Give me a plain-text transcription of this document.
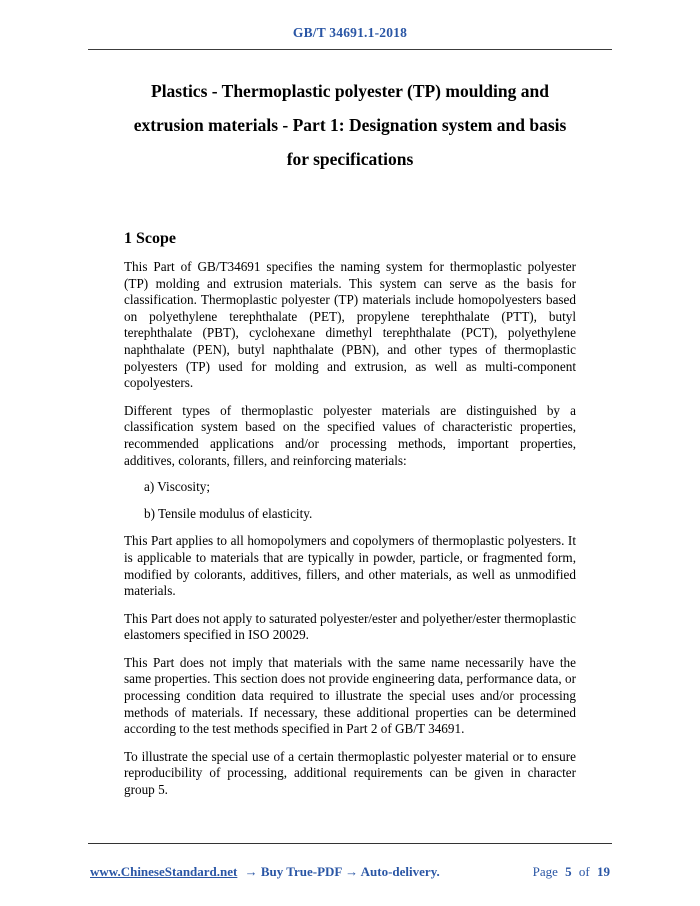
GB/T 34691.1-2018
Plastics - Thermoplastic polyester (TP) moulding and
extrusion materials - Part 1: Designation system and basis
for specifications
1 Scope

This Part of GB/T34691 specifies the naming system for thermoplastic polyester (TP) molding and extrusion materials. This system can serve as the basis for classification. Thermoplastic polyester (TP) materials include homopolyesters based on polyethylene terephthalate (PET), propylene terephthalate (PTT), butyl terephthalate (PBT), cyclohexane dimethyl terephthalate (PCT), polyethylene naphthalate (PEN), butyl naphthalate (PBN), and other types of thermoplastic polyesters (TP) used for molding and extrusion, as well as multi-component copolyesters.

Different types of thermoplastic polyester materials are distinguished by a classification system based on the specified values of characteristic properties, recommended applications and/or processing methods, important properties, additives, colorants, fillers, and reinforcing materials:

a) Viscosity;
b) Tensile modulus of elasticity.

This Part applies to all homopolymers and copolymers of thermoplastic polyesters. It is applicable to materials that are typically in powder, particle, or fragmented form, modified by colorants, additives, fillers, and other materials, as well as unmodified materials.

This Part does not apply to saturated polyester/ester and polyether/ester thermoplastic elastomers specified in ISO 20029.

This Part does not imply that materials with the same name necessarily have the same properties. This section does not provide engineering data, performance data, or processing condition data required to illustrate the special uses and/or processing methods of materials. If necessary, these additional properties can be determined according to the test methods specified in Part 2 of GB/T 34691.

To illustrate the special use of a certain thermoplastic polyester material or to ensure reproducibility of processing, additional requirements can be given in character group 5.

www.ChineseStandard.net → Buy True-PDF → Auto-delivery.	Page 5 of 19
